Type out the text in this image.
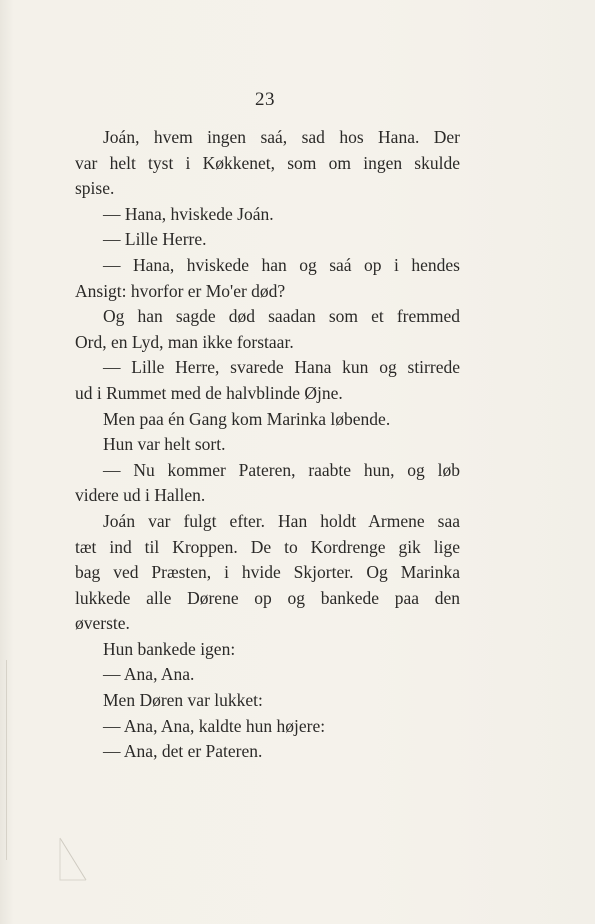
23
Joán, hvem ingen saá, sad hos Hana. Der
var helt tyst i Køkkenet, som om ingen skulde
spise.
— Hana, hviskede Joán.
— Lille Herre.
— Hana, hviskede han og saá op i hendes
Ansigt: hvorfor er Mo'er død?
Og han sagde død saadan som et fremmed
Ord, en Lyd, man ikke forstaar.
— Lille Herre, svarede Hana kun og stirrede
ud i Rummet med de halvblinde Øjne.
Men paa én Gang kom Marinka løbende.
Hun var helt sort.
— Nu kommer Pateren, raabte hun, og løb
videre ud i Hallen.
Joán var fulgt efter. Han holdt Armene saa
tæt ind til Kroppen. De to Kordrenge gik lige
bag ved Præsten, i hvide Skjorter. Og Marinka
lukkede alle Dørene op og bankede paa den
øverste.
Hun bankede igen:
— Ana, Ana.
Men Døren var lukket:
— Ana, Ana, kaldte hun højere:
— Ana, det er Pateren.
